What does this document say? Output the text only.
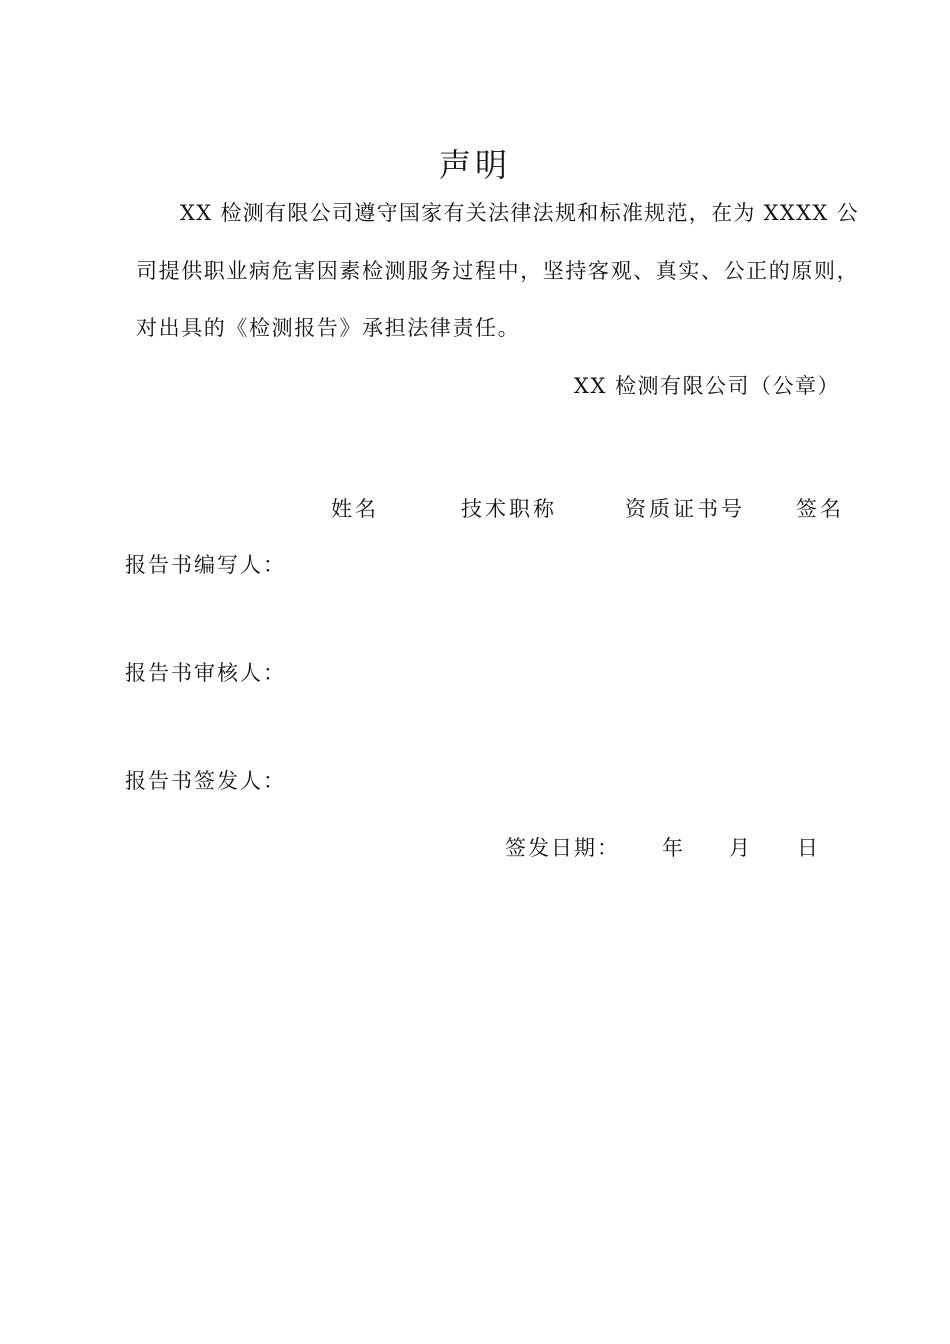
声明
XX 检测有限公司遵守国家有关法律法规和标准规范，在为 XXXX 公
司提供职业病危害因素检测服务过程中，坚持客观、真实、公正的原则，
对出具的《检测报告》承担法律责任。
XX 检测有限公司（公章）
姓名	技术职称	资质证书号 签名
报告书编写人：
报告书审核人：
报告书签发人：
签发日期： 年 月 日
